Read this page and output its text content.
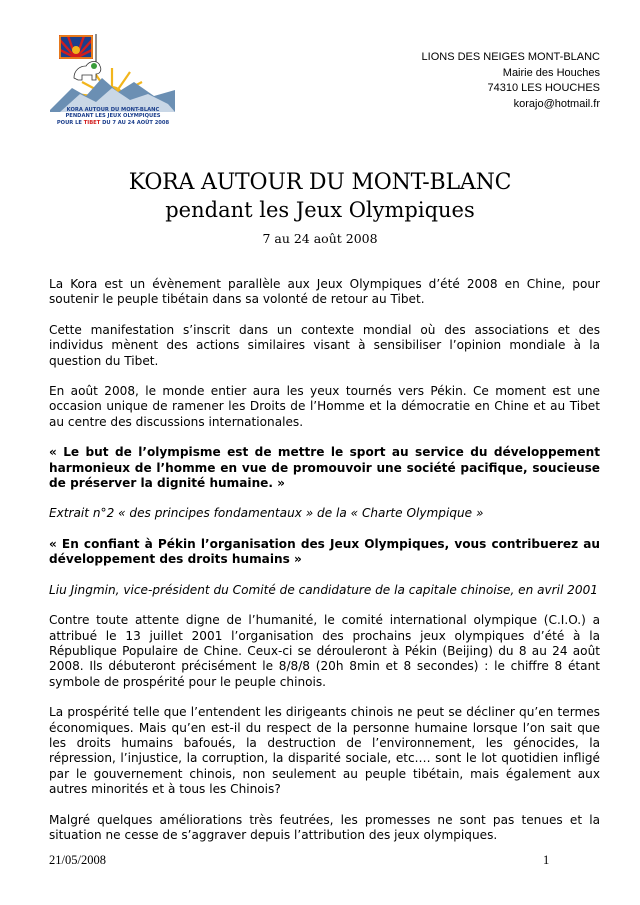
KORA AUTOUR DU MONT-BLANC
PENDANT LES JEUX OLYMPIQUES
POUR LE TIBET DU 7 AU 24 AOÛT 2008
LIONS DES NEIGES MONT-BLANC
Mairie des Houches
74310 LES HOUCHES
korajo@hotmail.fr
KORA AUTOUR DU MONT-BLANC
pendant les Jeux Olympiques
7 au 24 août 2008

La Kora est un évènement parallèle aux Jeux Olympiques d’été 2008 en Chine, pour soutenir le peuple tibétain dans sa volonté de retour au Tibet.

Cette manifestation s’inscrit dans un contexte mondial où des associations et des individus mènent des actions similaires visant à sensibiliser l’opinion mondiale à la question du Tibet.

En août 2008, le monde entier aura les yeux tournés vers Pékin. Ce moment est une occasion unique de ramener les Droits de l’Homme et la démocratie en Chine et au Tibet au centre des discussions internationales.

« Le but de l’olympisme est de mettre le sport au service du développement harmonieux de l’homme en vue de promouvoir une société pacifique, soucieuse de préserver la dignité humaine. »

Extrait n°2 « des principes fondamentaux » de la « Charte Olympique »

« En confiant à Pékin l’organisation des Jeux Olympiques, vous contribuerez au développement des droits humains »

Liu Jingmin, vice-président du Comité de candidature de la capitale chinoise, en avril 2001

Contre toute attente digne de l’humanité, le comité international olympique (C.I.O.) a attribué le 13 juillet 2001 l’organisation des prochains jeux olympiques d’été à la République Populaire de Chine. Ceux-ci se dérouleront à Pékin (Beijing) du 8 au 24 août 2008. Ils débuteront précisément le 8/8/8 (20h 8min et 8 secondes) : le chiffre 8 étant symbole de prospérité pour le peuple chinois.

La prospérité telle que l’entendent les dirigeants chinois ne peut se décliner qu’en termes économiques. Mais qu’en est-il du respect de la personne humaine lorsque l’on sait que les droits humains bafoués, la destruction de l’environnement, les génocides, la répression, l’injustice, la corruption, la disparité sociale, etc.… sont le lot quotidien infligé par le gouvernement chinois, non seulement au peuple tibétain, mais également aux autres minorités et à tous les Chinois?

Malgré quelques améliorations très feutrées, les promesses ne sont pas tenues et la situation ne cesse de s’aggraver depuis l’attribution des jeux olympiques.

21/05/2008	1
